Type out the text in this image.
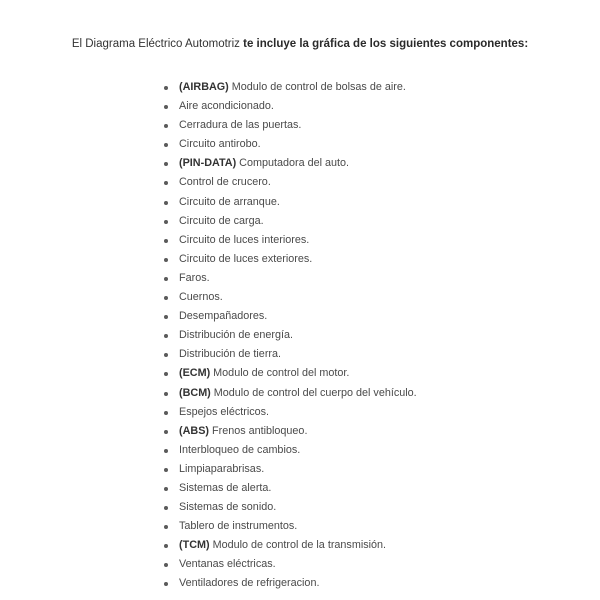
El Diagrama Eléctrico Automotriz te incluye la gráfica de los siguientes componentes:
(AIRBAG) Modulo de control de bolsas de aire.
Aire acondicionado.
Cerradura de las puertas.
Circuito antirobo.
(PIN-DATA) Computadora del auto.
Control de crucero.
Circuito de arranque.
Circuito de carga.
Circuito de luces interiores.
Circuito de luces exteriores.
Faros.
Cuernos.
Desempañadores.
Distribución de energía.
Distribución de tierra.
(ECM) Modulo de control del motor.
(BCM) Modulo de control del cuerpo del vehículo.
Espejos eléctricos.
(ABS) Frenos antibloqueo.
Interbloqueo de cambios.
Limpiaparabrisas.
Sistemas de alerta.
Sistemas de sonido.
Tablero de instrumentos.
(TCM) Modulo de control de la transmisión.
Ventanas eléctricas.
Ventiladores de refrigeracion.
